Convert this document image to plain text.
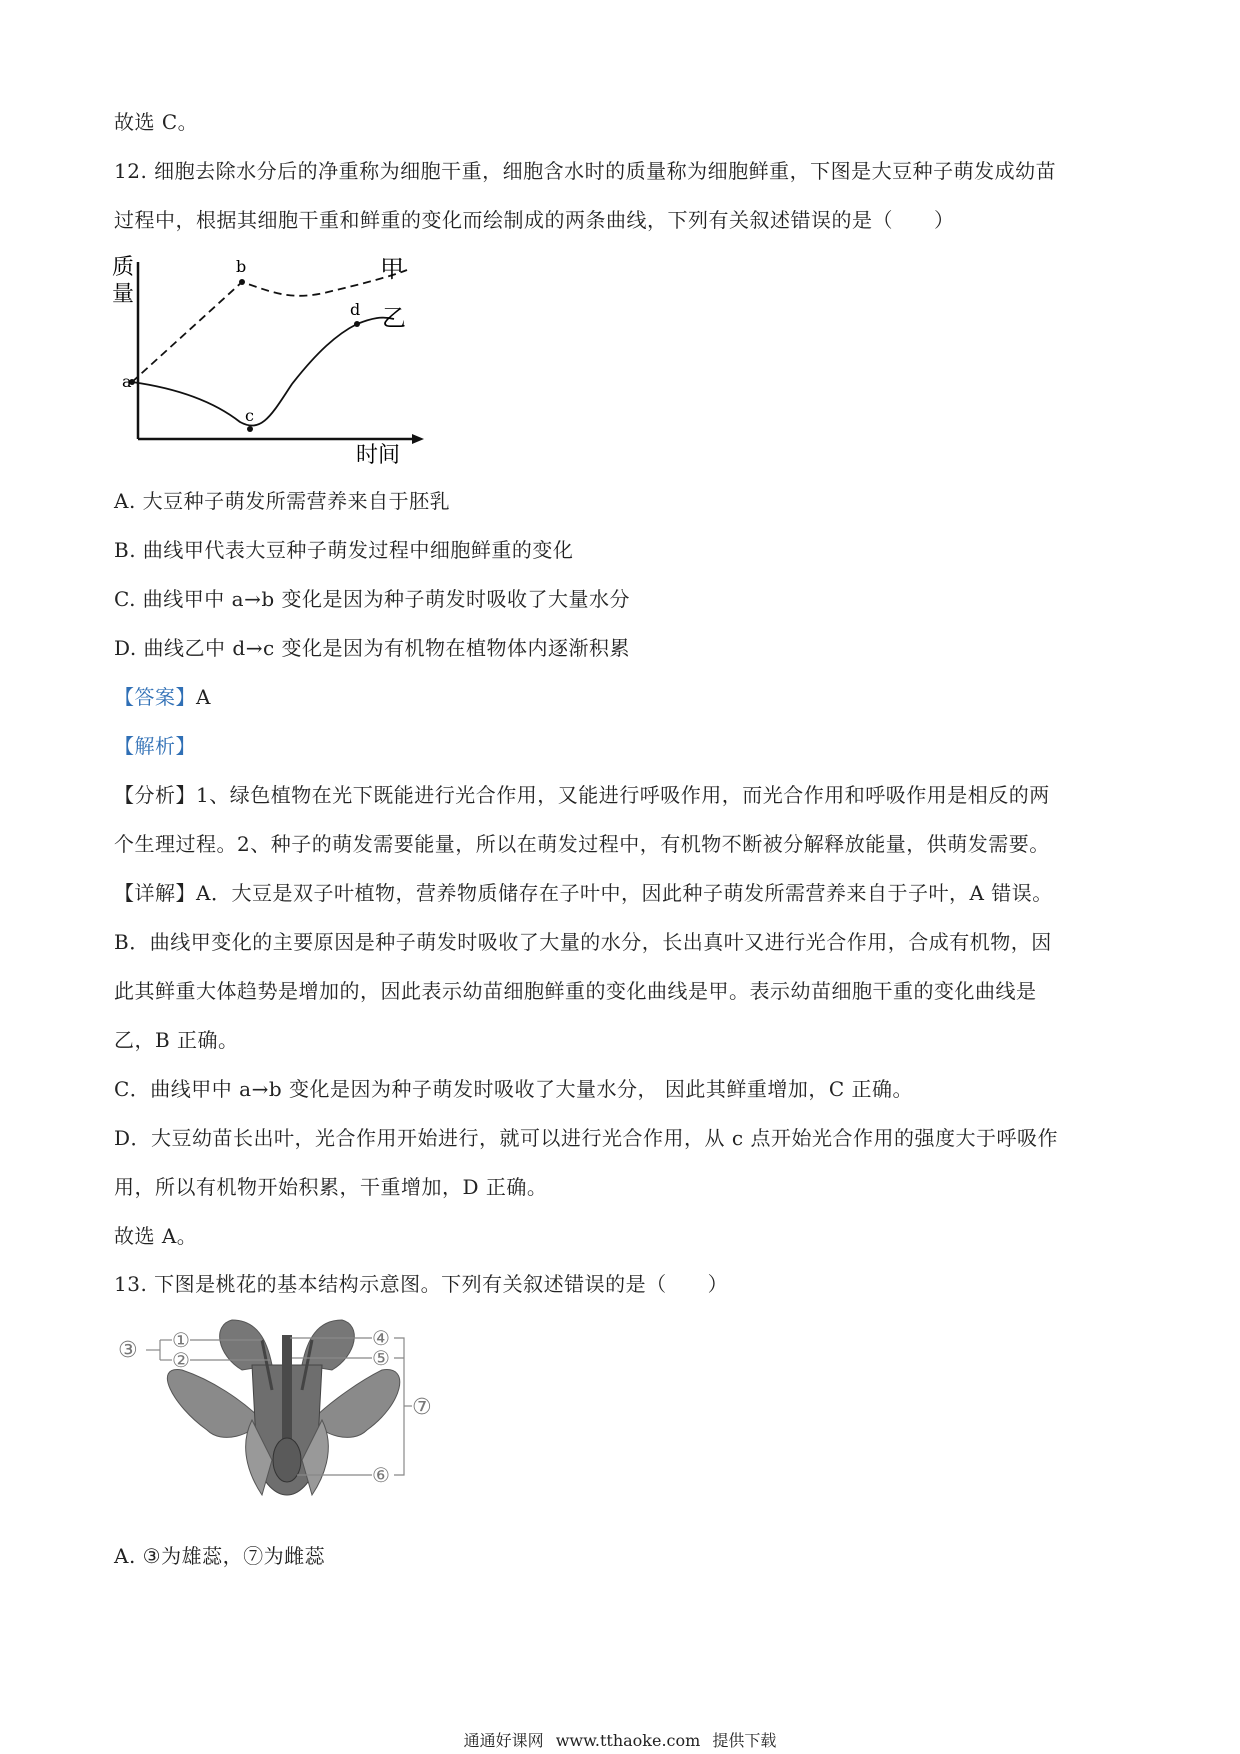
故选 C。
12. 细胞去除水分后的净重称为细胞干重，细胞含水时的质量称为细胞鲜重，下图是大豆种子萌发成幼苗
过程中，根据其细胞干重和鲜重的变化而绘制成的两条曲线，下列有关叙述错误的是（　　）
质
量
时间
甲
乙
a
b
c
d
A. 大豆种子萌发所需营养来自于胚乳
B. 曲线甲代表大豆种子萌发过程中细胞鲜重的变化
C. 曲线甲中 a→b 变化是因为种子萌发时吸收了大量水分
D. 曲线乙中 d→c 变化是因为有机物在植物体内逐渐积累
【答案】A
【解析】
【分析】1、绿色植物在光下既能进行光合作用，又能进行呼吸作用，而光合作用和呼吸作用是相反的两
个生理过程。2、种子的萌发需要能量，所以在萌发过程中，有机物不断被分解释放能量，供萌发需要。
【详解】A．大豆是双子叶植物，营养物质储存在子叶中，因此种子萌发所需营养来自于子叶，A 错误。
B．曲线甲变化的主要原因是种子萌发时吸收了大量的水分，长出真叶又进行光合作用，合成有机物，因
此其鲜重大体趋势是增加的，因此表示幼苗细胞鲜重的变化曲线是甲。表示幼苗细胞干重的变化曲线是
乙，B 正确。
C．曲线甲中 a→b 变化是因为种子萌发时吸收了大量水分， 因此其鲜重增加，C 正确。
D．大豆幼苗长出叶，光合作用开始进行，就可以进行光合作用，从 c 点开始光合作用的强度大于呼吸作
用，所以有机物开始积累，干重增加，D 正确。
故选 A。
13. 下图是桃花的基本结构示意图。下列有关叙述错误的是（　　）
③ ①
②
④
⑤
⑥
⑦
A. ③为雄蕊，⑦为雌蕊
通通好课网 www.tthaoke.com 提供下载
